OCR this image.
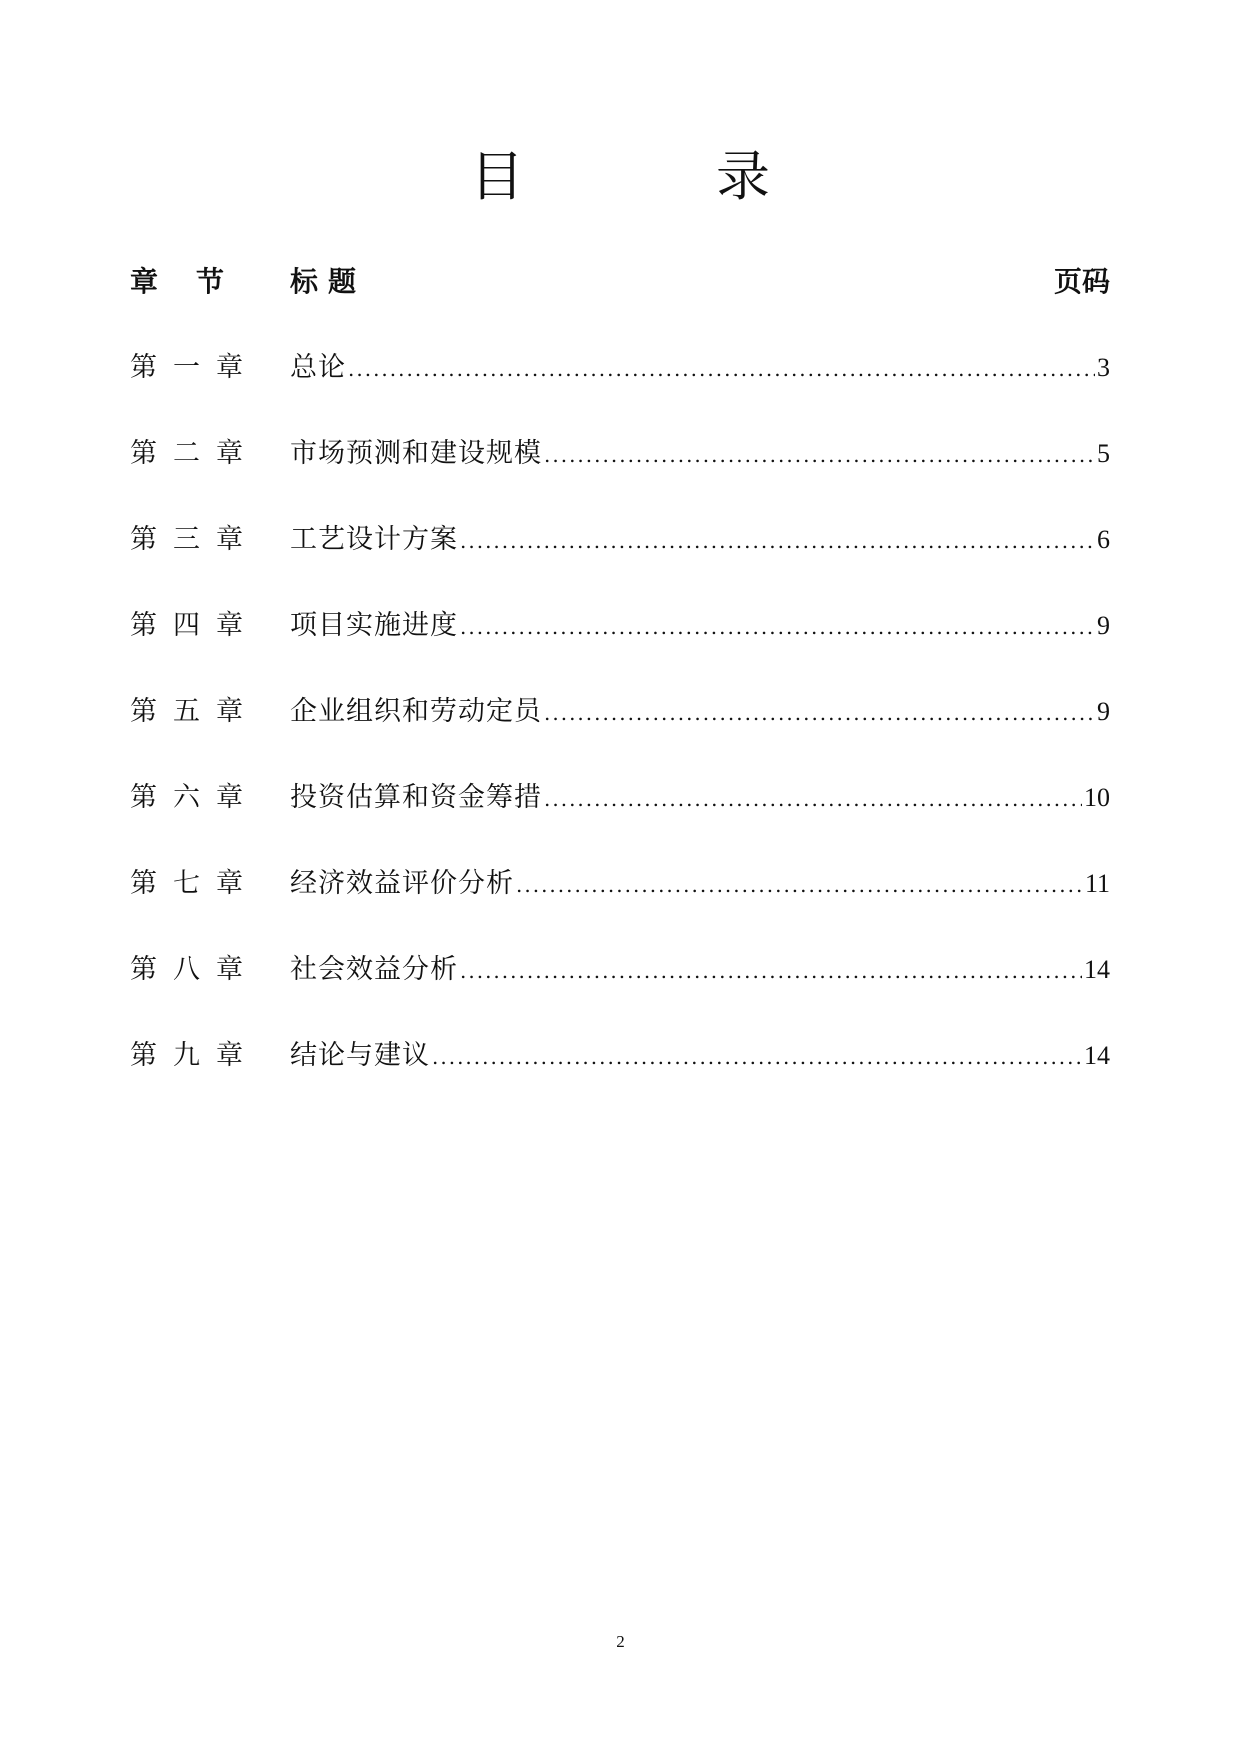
目	录
章节 标题	页码
第一章 总论 .....	3
第二章 市场预测和建设规模 .....	5
第三章 工艺设计方案 .....	6
第四章 项目实施进度 .....	9
第五章 企业组织和劳动定员 .....	9
第六章 投资估算和资金筹措 .....	10
第七章 经济效益评价分析 .....	11
第八章 社会效益分析 .....	14
第九章 结论与建议 .....	14
2
